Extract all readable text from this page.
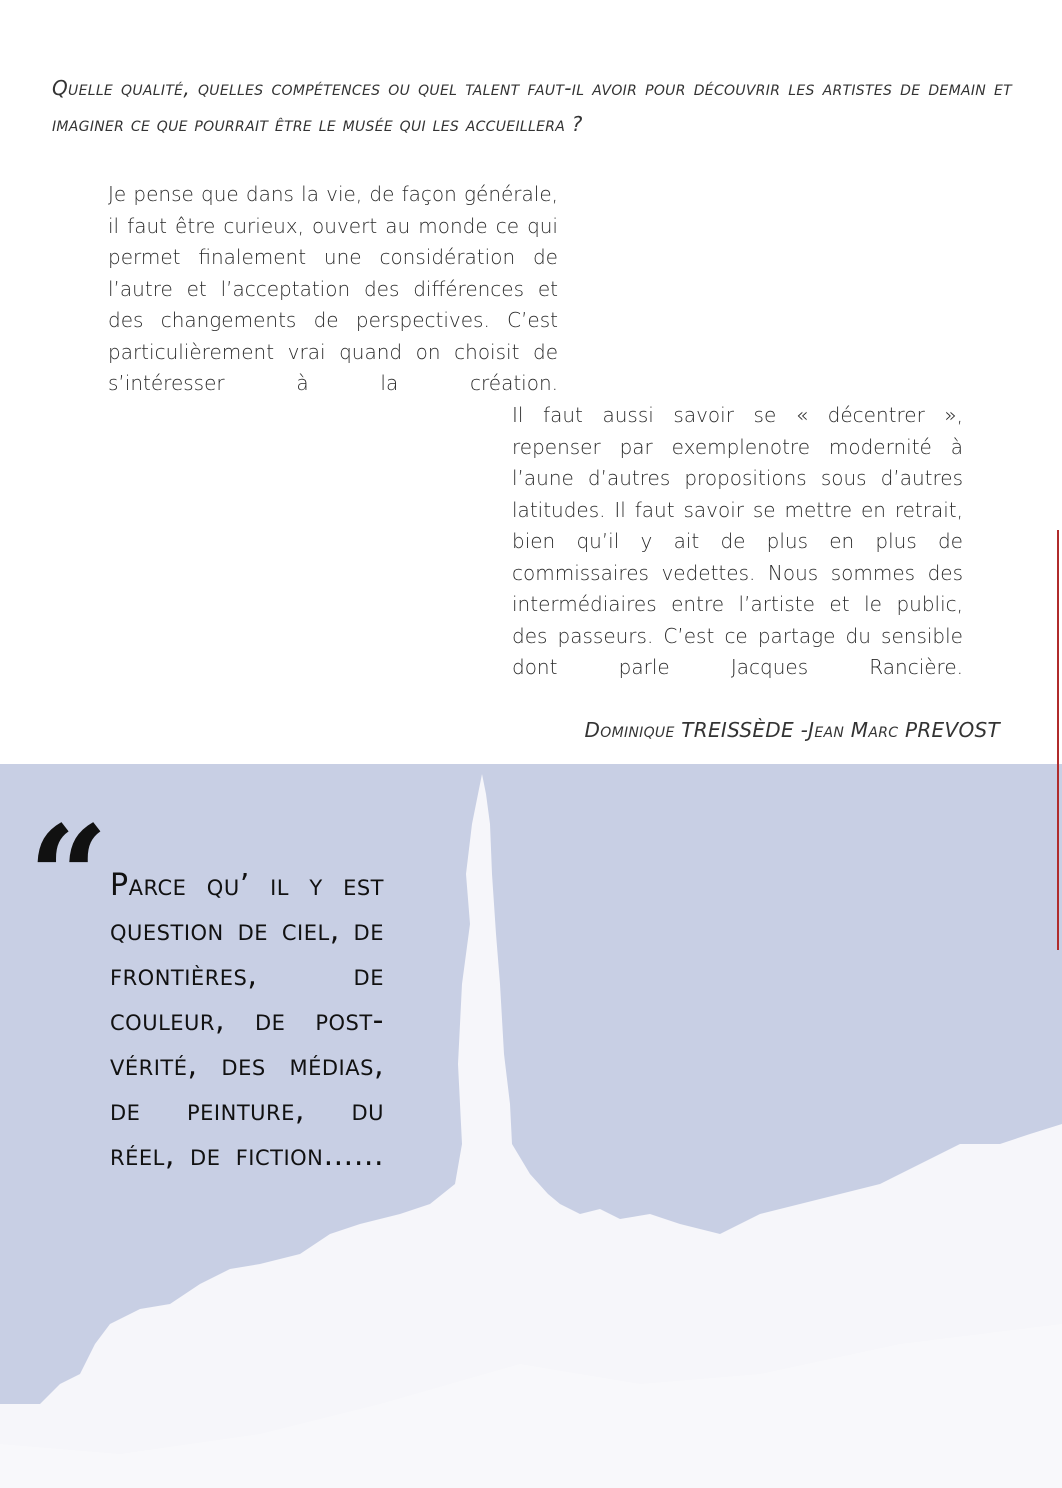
Quelle qualité, quelles compétences ou quel talent faut-il avoir pour découvrir les artistes de demain et imaginer ce que pourrait être le musée qui les accueillera ?
Je pense que dans la vie, de façon générale, il faut être curieux, ouvert au monde ce qui permet finalement une considération de l’autre et l’acceptation des différences et des changements de perspectives. C’est particulièrement vrai quand on choisit de s’intéresser à la création.
Il faut aussi savoir se « décentrer », repenser par exemplenotre modernité à l’aune d’autres propositions sous d’autres latitudes. Il faut savoir se mettre en retrait, bien qu’il y ait de plus en plus de commissaires vedettes. Nous sommes des intermédiaires entre l’artiste et le public, des passeurs. C’est ce partage du sensible dont parle Jacques Rancière.
Dominique TREISSÈDE -Jean Marc PREVOST
“ Parce qu’ il y est question de ciel, de frontières, de couleur, de post-vérité, des médias, de peinture, du réel, de fiction…...
